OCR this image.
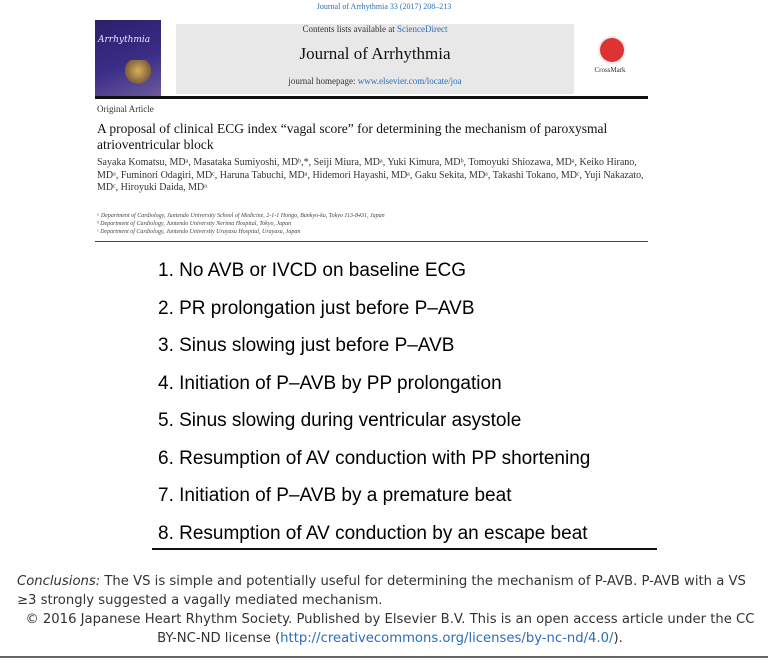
Journal of Arrhythmia 33 (2017) 208–213
Arrhythmia
Contents lists available at ScienceDirect
Journal of Arrhythmia
journal homepage: www.elsevier.com/locate/joa
CrossMark
Original Article
A proposal of clinical ECG index “vagal score” for determining the mechanism of paroxysmal atrioventricular block
Sayaka Komatsu, MDᵃ, Masataka Sumiyoshi, MDᵇ,*, Seiji Miura, MDᵃ, Yuki Kimura, MDᵇ, Tomoyuki Shiozawa, MDᵃ, Keiko Hirano, MDᵃ, Fuminori Odagiri, MDᶜ, Haruna Tabuchi, MDᵃ, Hidemori Hayashi, MDᵃ, Gaku Sekita, MDᵃ, Takashi Tokano, MDᶜ, Yuji Nakazato, MDᶜ, Hiroyuki Daida, MDᵃ
ᵃ Department of Cardiology, Juntendo University School of Medicine, 2-1-1 Hongo, Bunkyo-ku, Tokyo 113-8431, Japan
ᵇ Department of Cardiology, Juntendo University Nerima Hospital, Tokyo, Japan
ᶜ Department of Cardiology, Juntendo University Urayasu Hospital, Urayasu, Japan
1. No AVB or IVCD on baseline ECG
2. PR prolongation just before P–AVB
3. Sinus slowing just before P–AVB
4. Initiation of P–AVB by PP prolongation
5. Sinus slowing during ventricular asystole
6. Resumption of AV conduction with PP shortening
7. Initiation of P–AVB by a premature beat
8. Resumption of AV conduction by an escape beat
Conclusions: The VS is simple and potentially useful for determining the mechanism of P-AVB. P-AVB with a VS ≥3 strongly suggested a vagally mediated mechanism.
© 2016 Japanese Heart Rhythm Society. Published by Elsevier B.V. This is an open access article under the CC BY-NC-ND license (http://creativecommons.org/licenses/by-nc-nd/4.0/).
